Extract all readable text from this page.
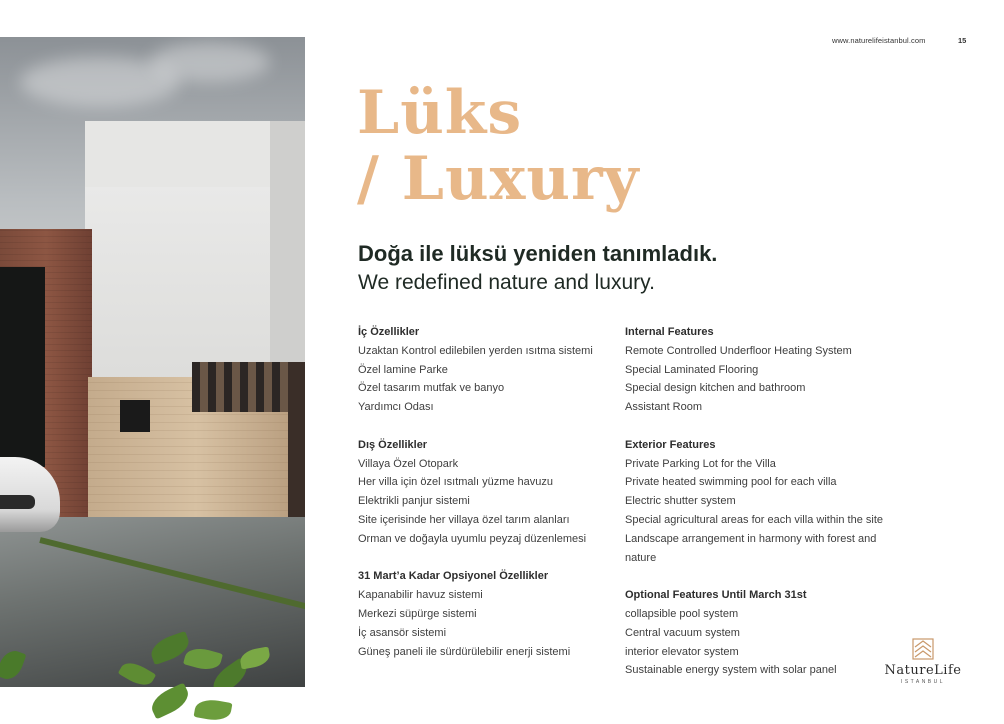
www.naturelifeistanbul.com	15
Lüks
/ Luxury

Doğa ile lüksü yeniden tanımladık.

We redefined nature and luxury.

İç Özellikler
Uzaktan Kontrol edilebilen yerden ısıtma sistemi
Özel lamine Parke
Özel tasarım mutfak ve banyo
Yardımcı Odası
Dış Özellikler
Villaya Özel Otopark
Her villa için özel ısıtmalı yüzme havuzu
Elektrikli panjur sistemi
Site içerisinde her villaya özel tarım alanları
Orman ve doğayla uyumlu peyzaj düzenlemesi
31 Mart’a Kadar Opsiyonel Özellikler
Kapanabilir havuz sistemi
Merkezi süpürge sistemi
İç asansör sistemi
Güneş paneli ile sürdürülebilir enerji sistemi
Internal Features
Remote Controlled Underfloor Heating System
Special Laminated Flooring
Special design kitchen and bathroom
Assistant Room
Exterior Features
Private Parking Lot for the Villa
Private heated swimming pool for each villa
Electric shutter system
Special agricultural areas for each villa within the site
Landscape arrangement in harmony with forest and
nature
Optional Features Until March 31st
collapsible pool system
Central vacuum system
interior elevator system
Sustainable energy system with solar panel	NatureLife
ISTANBUL
